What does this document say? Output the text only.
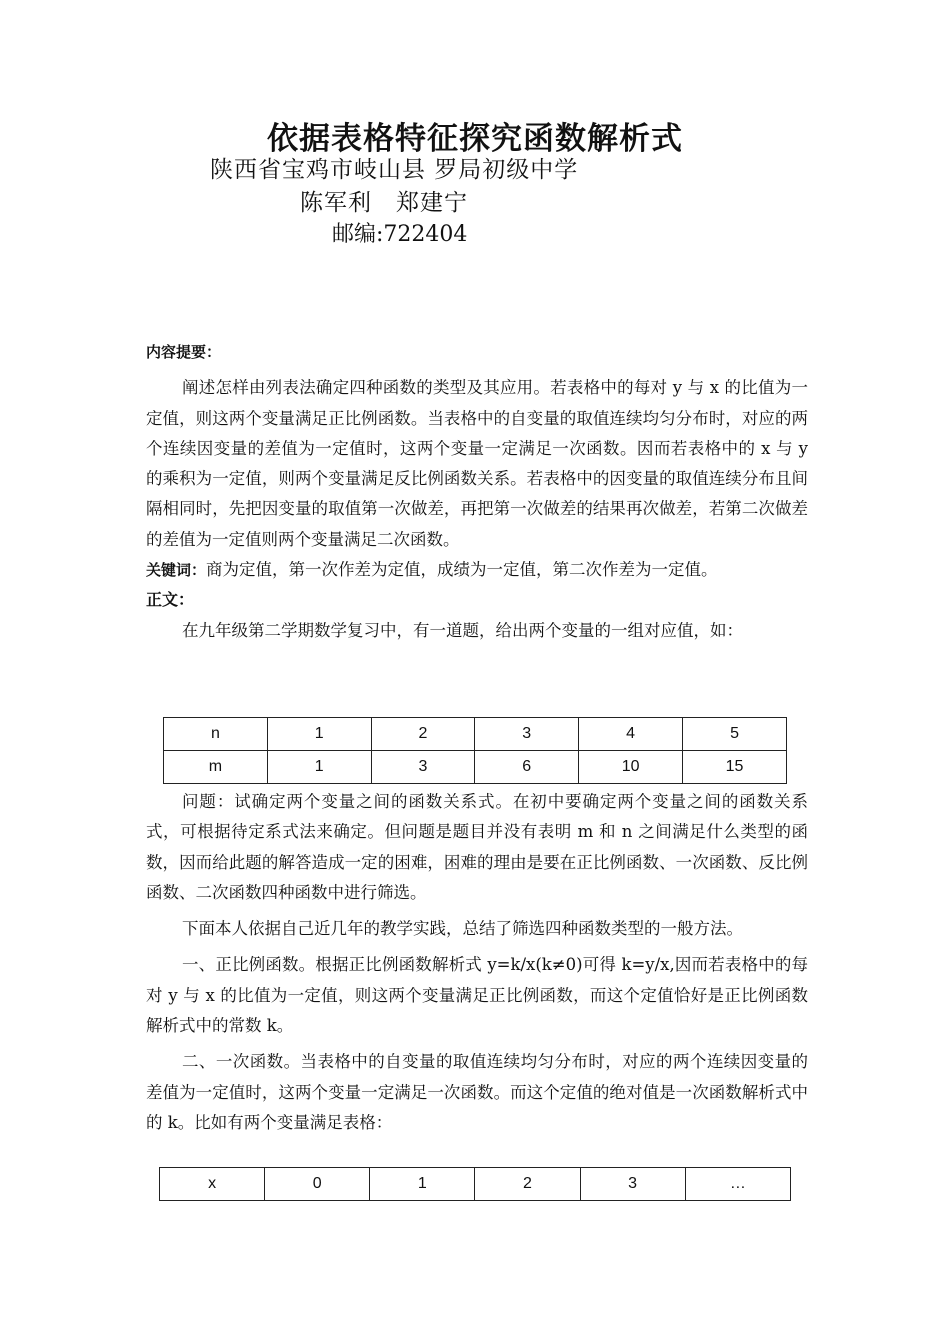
依据表格特征探究函数解析式
陕西省宝鸡市岐山县 罗局初级中学
陈军利　郑建宁
邮编:722404
内容提要：
阐述怎样由列表法确定四种函数的类型及其应用。若表格中的每对 y 与 x 的比值为一定值，则这两个变量满足正比例函数。当表格中的自变量的取值连续均匀分布时，对应的两个连续因变量的差值为一定值时，这两个变量一定满足一次函数。因而若表格中的 x 与 y 的乘积为一定值，则两个变量满足反比例函数关系。若表格中的因变量的取值连续分布且间隔相同时，先把因变量的取值第一次做差，再把第一次做差的结果再次做差，若第二次做差的差值为一定值则两个变量满足二次函数。
关键词：商为定值，第一次作差为定值，成绩为一定值，第二次作差为一定值。
正文：
在九年级第二学期数学复习中，有一道题，给出两个变量的一组对应值，如：
n	1	2	3	4	5
m	1	3	6	10	15
问题：试确定两个变量之间的函数关系式。在初中要确定两个变量之间的函数关系式，可根据待定系式法来确定。但问题是题目并没有表明 m 和 n 之间满足什么类型的函数，因而给此题的解答造成一定的困难，困难的理由是要在正比例函数、一次函数、反比例函数、二次函数四种函数中进行筛选。
下面本人依据自己近几年的教学实践，总结了筛选四种函数类型的一般方法。
一、正比例函数。根据正比例函数解析式 y=k/x(k≠0)可得 k=y/x,因而若表格中的每对 y 与 x 的比值为一定值，则这两个变量满足正比例函数，而这个定值恰好是正比例函数解析式中的常数 k。
二、一次函数。当表格中的自变量的取值连续均匀分布时，对应的两个连续因变量的差值为一定值时，这两个变量一定满足一次函数。而这个定值的绝对值是一次函数解析式中的 k。比如有两个变量满足表格：
x	0	1	2	3	…
